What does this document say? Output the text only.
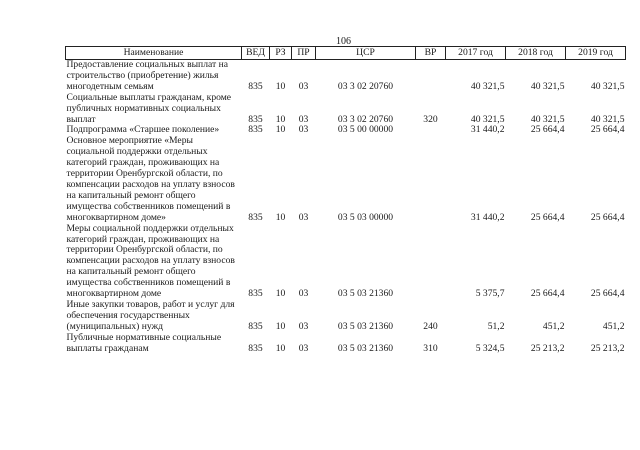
106
Наименование	ВЕД	РЗ	ПР	ЦСР	ВР	2017 год	2018 год	2019 год
Предоставление социальных выплат на строительство (приобретение) жилья многодетным семьям	835	10	03	03 3 02 20760		40 321,5	40 321,5	40 321,5
Социальные выплаты гражданам, кроме публичных нормативных социальных выплат	835	10	03	03 3 02 20760	320	40 321,5	40 321,5	40 321,5
Подпрограмма «Старшее поколение»	835	10	03	03 5 00 00000		31 440,2	25 664,4	25 664,4
Основное мероприятие «Меры социальной поддержки отдельных категорий граждан, проживающих на территории Оренбургской области, по компенсации расходов на уплату взносов на капитальный ремонт общего имущества собственников помещений в многоквартирном доме»	835	10	03	03 5 03 00000		31 440,2	25 664,4	25 664,4
Меры социальной поддержки отдельных категорий граждан, проживающих на территории Оренбургской области, по компенсации расходов на уплату взносов на капитальный ремонт общего имущества собственников помещений в многоквартирном доме	835	10	03	03 5 03 21360		5 375,7	25 664,4	25 664,4
Иные закупки товаров, работ и услуг для обеспечения государственных (муниципальных) нужд	835	10	03	03 5 03 21360	240	51,2	451,2	451,2
Публичные нормативные социальные выплаты гражданам	835	10	03	03 5 03 21360	310	5 324,5	25 213,2	25 213,2
